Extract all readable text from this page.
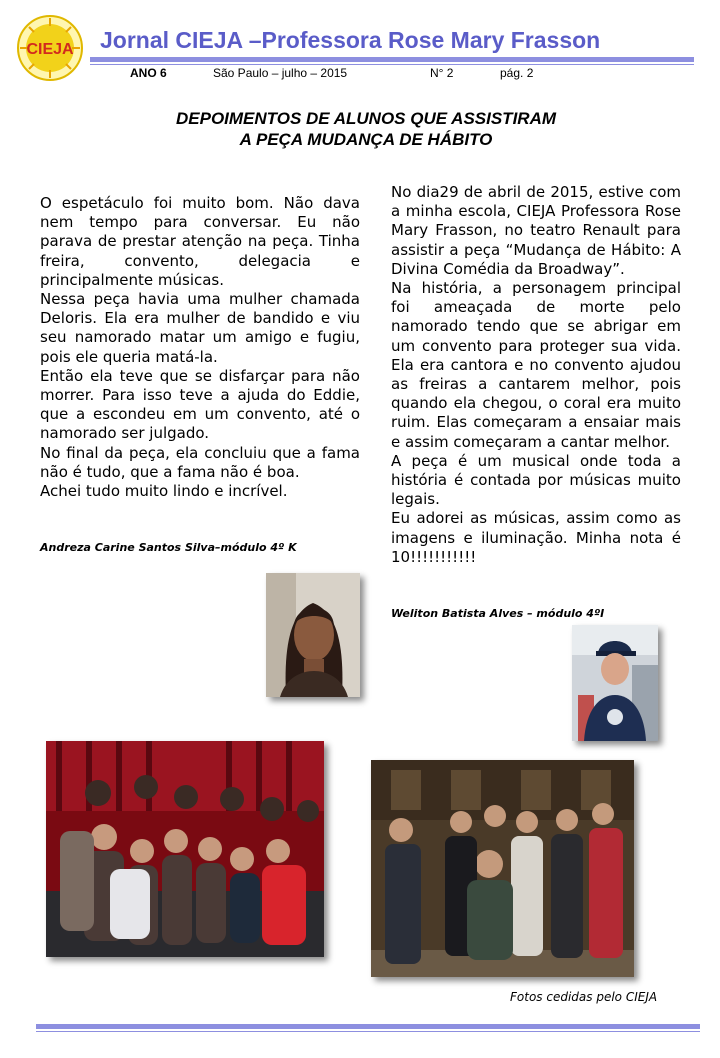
CIEJA Jornal CIEJA –Professora Rose Mary Frasson
ANO 6	São Paulo – julho – 2015	N° 2	pág. 2
DEPOIMENTOS DE ALUNOS QUE ASSISTIRAM
A PEÇA MUDANÇA DE HÁBITO

O espetáculo foi muito bom. Não dava nem tempo para conversar. Eu não parava de prestar atenção na peça. Tinha freira, convento, delegacia e principalmente músicas.

Nessa peça havia uma mulher chamada Deloris. Ela era mulher de bandido e viu seu namorado matar um amigo e fugiu, pois ele queria matá-la.

Então ela teve que se disfarçar para não morrer. Para isso teve a ajuda do Eddie, que a escondeu em um convento, até o namorado ser julgado.

No final da peça, ela concluiu que a fama não é tudo, que a fama não é boa.

Achei tudo muito lindo e incrível.

Andreza Carine Santos Silva–módulo 4º K

No dia29 de abril de 2015, estive com a minha escola, CIEJA Professora Rose Mary Frasson, no teatro Renault para assistir a peça “Mudança de Hábito: A Divina Comédia da Broadway”.

Na história, a personagem principal foi ameaçada de morte pelo namorado tendo que se abrigar em um convento para proteger sua vida. Ela era cantora e no convento ajudou as freiras a cantarem melhor, pois quando ela chegou, o coral era muito ruim. Elas começaram a ensaiar mais e assim começaram a cantar melhor.

A peça é um musical onde toda a história é contada por músicas muito legais.

Eu adorei as músicas, assim como as imagens e iluminação. Minha nota é 10!!!!!!!!!!!

Weliton Batista Alves – módulo 4ºI
Fotos cedidas pelo CIEJA
